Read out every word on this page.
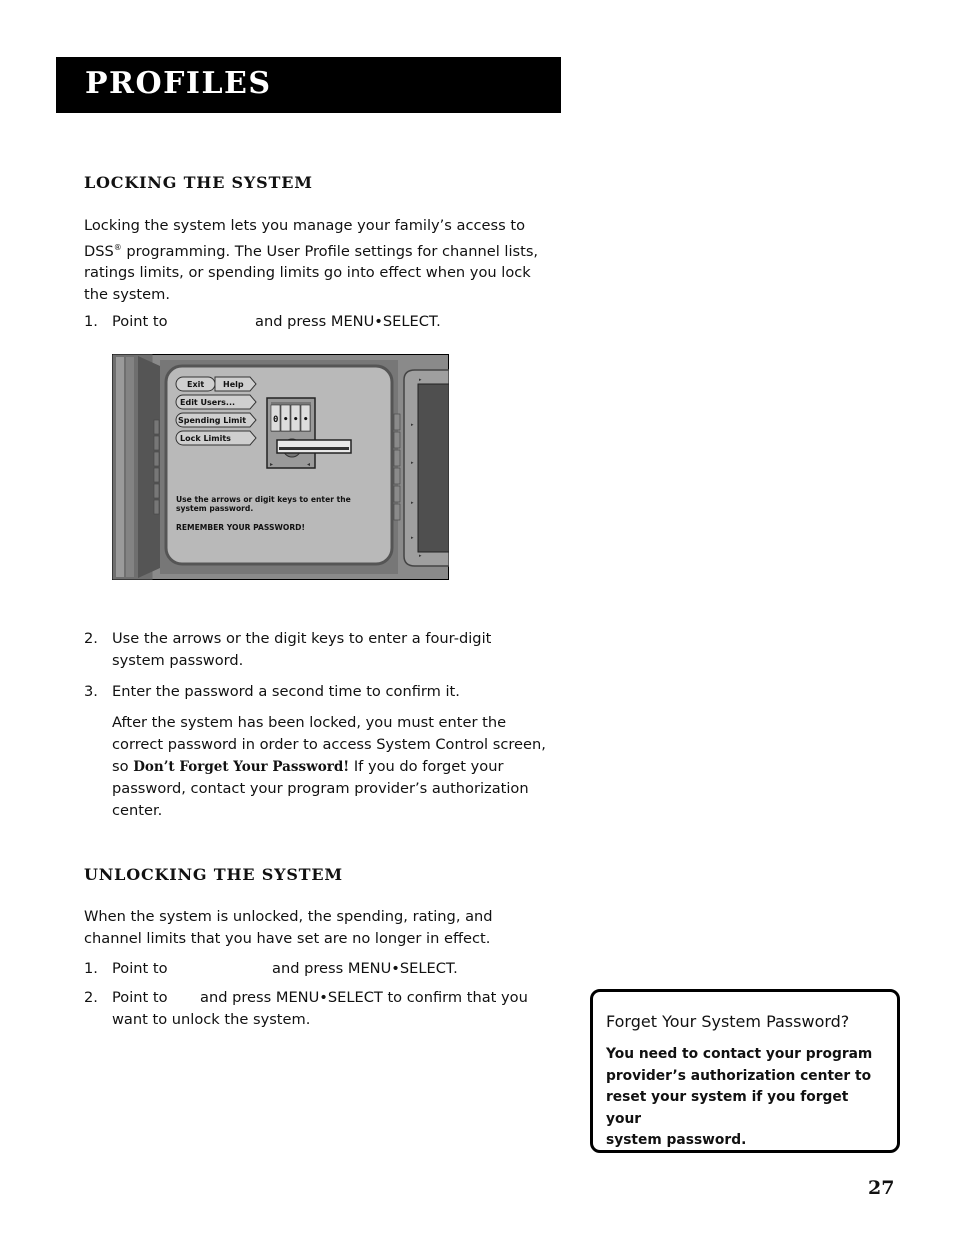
PROFILES
LOCKING THE SYSTEM
Locking the system lets you manage your family’s access to
DSS® programming. The User Profile settings for channel lists,
ratings limits, or spending limits go into effect when you lock
the system.
1. Point to	and press MENU•SELECT.
▸
▸
▸
▸
▸
▸
Exit Help
Edit Users...
Spending Limit
Lock Limits
0 • • •
▸	◂
Use the arrows or digit keys to enter the
system password.
REMEMBER YOUR PASSWORD!
2. Use the arrows or the digit keys to enter a four-digit
system password.
3. Enter the password a second time to confirm it.
After the system has been locked, you must enter the
correct password in order to access System Control screen,
so Don’t Forget Your Password! If you do forget your
password, contact your program provider’s authorization
center.
UNLOCKING THE SYSTEM
When the system is unlocked, the spending, rating, and
channel limits that you have set are no longer in effect.
1. Point to	and press MENU•SELECT.
2. Point to	and press MENU•SELECT to confirm that you
want to unlock the system.	Forget Your System Password?
You need to contact your program
provider’s authorization center to
reset your system if you forget your
system password.
27
